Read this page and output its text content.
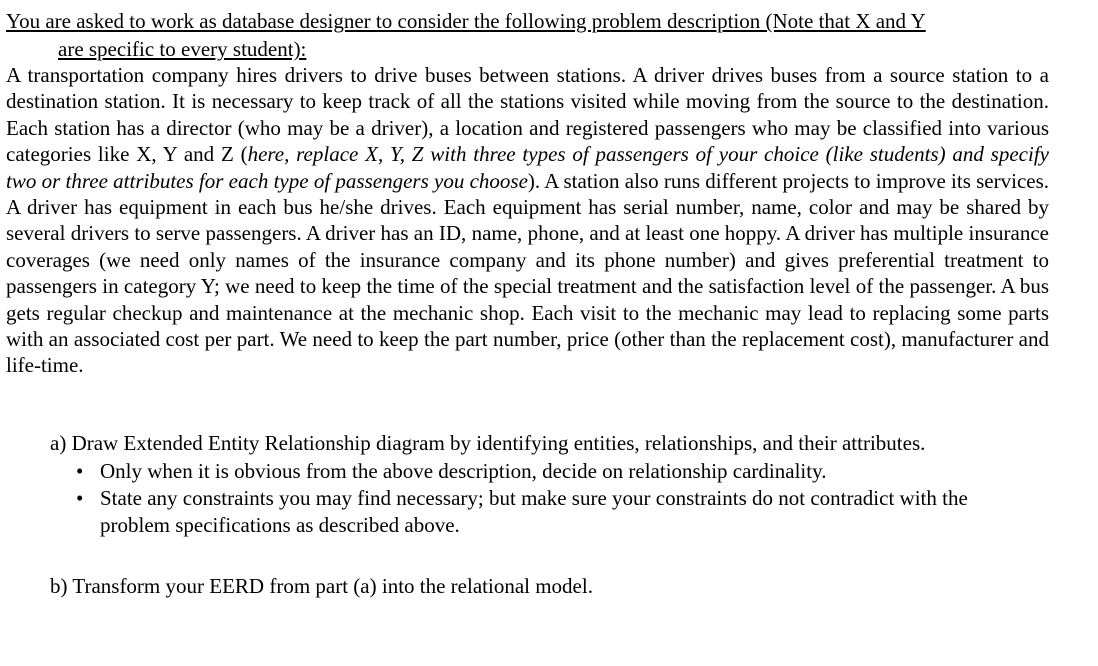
You are asked to work as database designer to consider the following problem description (Note that X and Y
are specific to every student):

A transportation company hires drivers to drive buses between stations. A driver drives buses from a source station to a destination station. It is necessary to keep track of all the stations visited while moving from the source to the destination. Each station has a director (who may be a driver), a location and registered passengers who may be classified into various categories like X, Y and Z (here, replace X, Y, Z with three types of passengers of your choice (like students) and specify two or three attributes for each type of passengers you choose). A station also runs different projects to improve its services. A driver has equipment in each bus he/she drives. Each equipment has serial number, name, color and may be shared by several drivers to serve passengers. A driver has an ID, name, phone, and at least one hoppy. A driver has multiple insurance coverages (we need only names of the insurance company and its phone number) and gives preferential treatment to passengers in category Y; we need to keep the time of the special treatment and the satisfaction level of the passenger. A bus gets regular checkup and maintenance at the mechanic shop. Each visit to the mechanic may lead to replacing some parts with an associated cost per part. We need to keep the part number, price (other than the replacement cost), manufacturer and life-time.

a) Draw Extended Entity Relationship diagram by identifying entities, relationships, and their attributes.
• Only when it is obvious from the above description, decide on relationship cardinality.
• State any constraints you may find necessary; but make sure your constraints do not contradict with the problem specifications as described above.
b) Transform your EERD from part (a) into the relational model.
